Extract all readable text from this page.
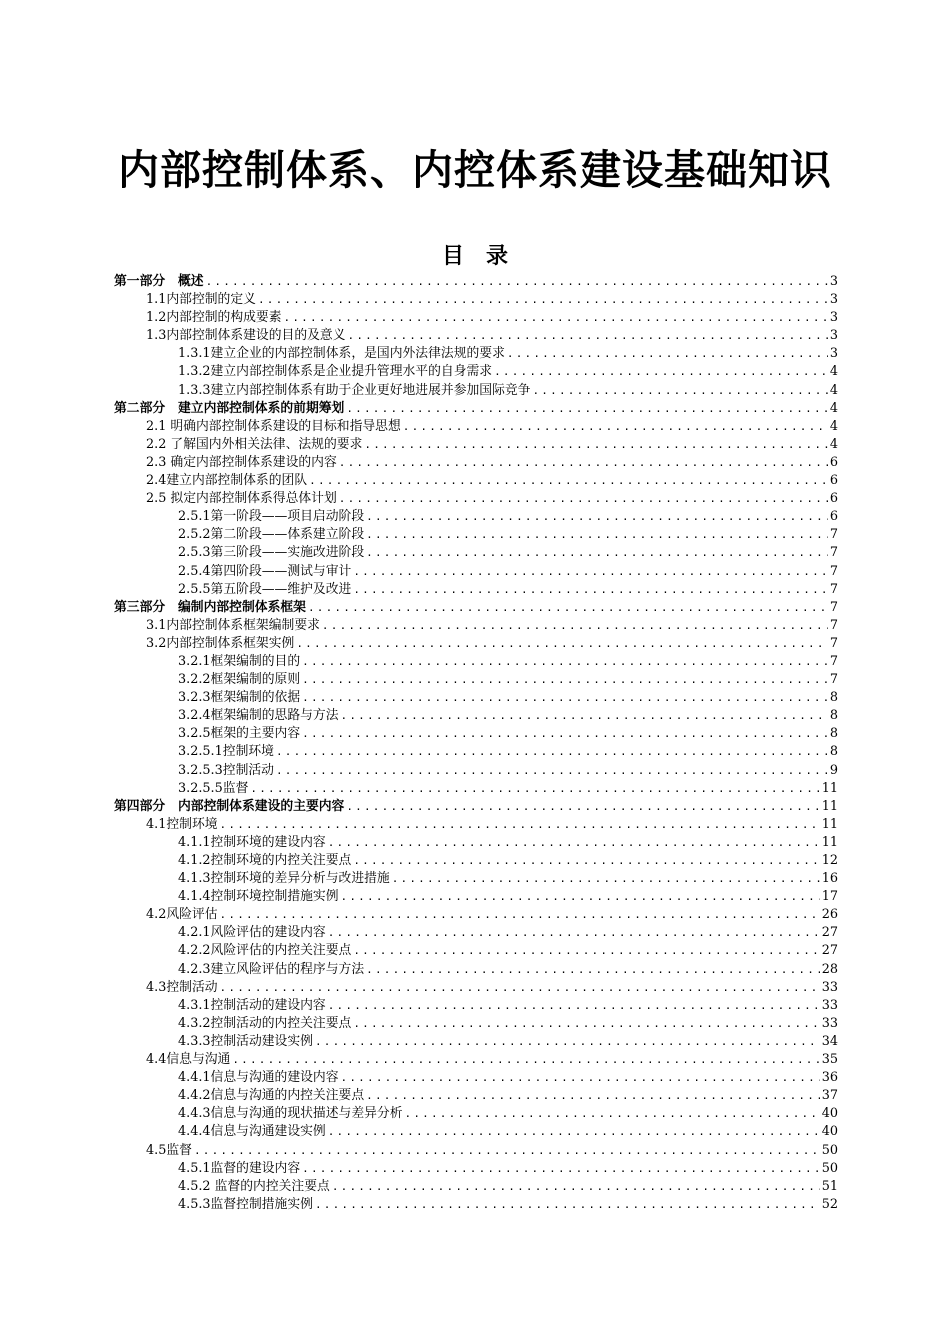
内部控制体系、内控体系建设基础知识
目　录
第一部分　概述 .....	3
1.1内部控制的定义 .....	3
1.2内部控制的构成要素 .....	3
1.3内部控制体系建设的目的及意义 .....	3
1.3.1建立企业的内部控制体系，是国内外法律法规的要求 .....	3
1.3.2建立内部控制体系是企业提升管理水平的自身需求 .....	4
1.3.3建立内部控制体系有助于企业更好地进展并参加国际竞争 .....	4
第二部分　建立内部控制体系的前期筹划 .....	4
2.1 明确内部控制体系建设的目标和指导思想 .....	4
2.2 了解国内外相关法律、法规的要求 .....	4
2.3 确定内部控制体系建设的内容 .....	6
2.4建立内部控制体系的团队 .....	6
2.5 拟定内部控制体系得总体计划 .....	6
2.5.1第一阶段——项目启动阶段 .....	6
2.5.2第二阶段——体系建立阶段 .....	7
2.5.3第三阶段——实施改进阶段 .....	7
2.5.4第四阶段——测试与审计 .....	7
2.5.5第五阶段——维护及改进 .....	7
第三部分　编制内部控制体系框架 .....	7
3.1内部控制体系框架编制要求 .....	7
3.2内部控制体系框架实例 .....	7
3.2.1框架编制的目的 .....	7
3.2.2框架编制的原则 .....	7
3.2.3框架编制的依据 .....	8
3.2.4框架编制的思路与方法 .....	8
3.2.5框架的主要内容 .....	8
3.2.5.1控制环境 .....	8
3.2.5.3控制活动 .....	9
3.2.5.5监督 .....	11
第四部分　内部控制体系建设的主要内容 .....	11
4.1控制环境 .....	11
4.1.1控制环境的建设内容 .....	11
4.1.2控制环境的内控关注要点 .....	12
4.1.3控制环境的差异分析与改进措施 .....	16
4.1.4控制环境控制措施实例 .....	17
4.2风险评估 .....	26
4.2.1风险评估的建设内容 .....	27
4.2.2风险评估的内控关注要点 .....	27
4.2.3建立风险评估的程序与方法 .....	28
4.3控制活动 .....	33
4.3.1控制活动的建设内容 .....	33
4.3.2控制活动的内控关注要点 .....	33
4.3.3控制活动建设实例 .....	34
4.4信息与沟通 .....	35
4.4.1信息与沟通的建设内容 .....	36
4.4.2信息与沟通的内控关注要点 .....	37
4.4.3信息与沟通的现状描述与差异分析 .....	40
4.4.4信息与沟通建设实例 .....	40
4.5监督 .....	50
4.5.1监督的建设内容 .....	50
4.5.2 监督的内控关注要点 .....	51
4.5.3监督控制措施实例 .....	52
